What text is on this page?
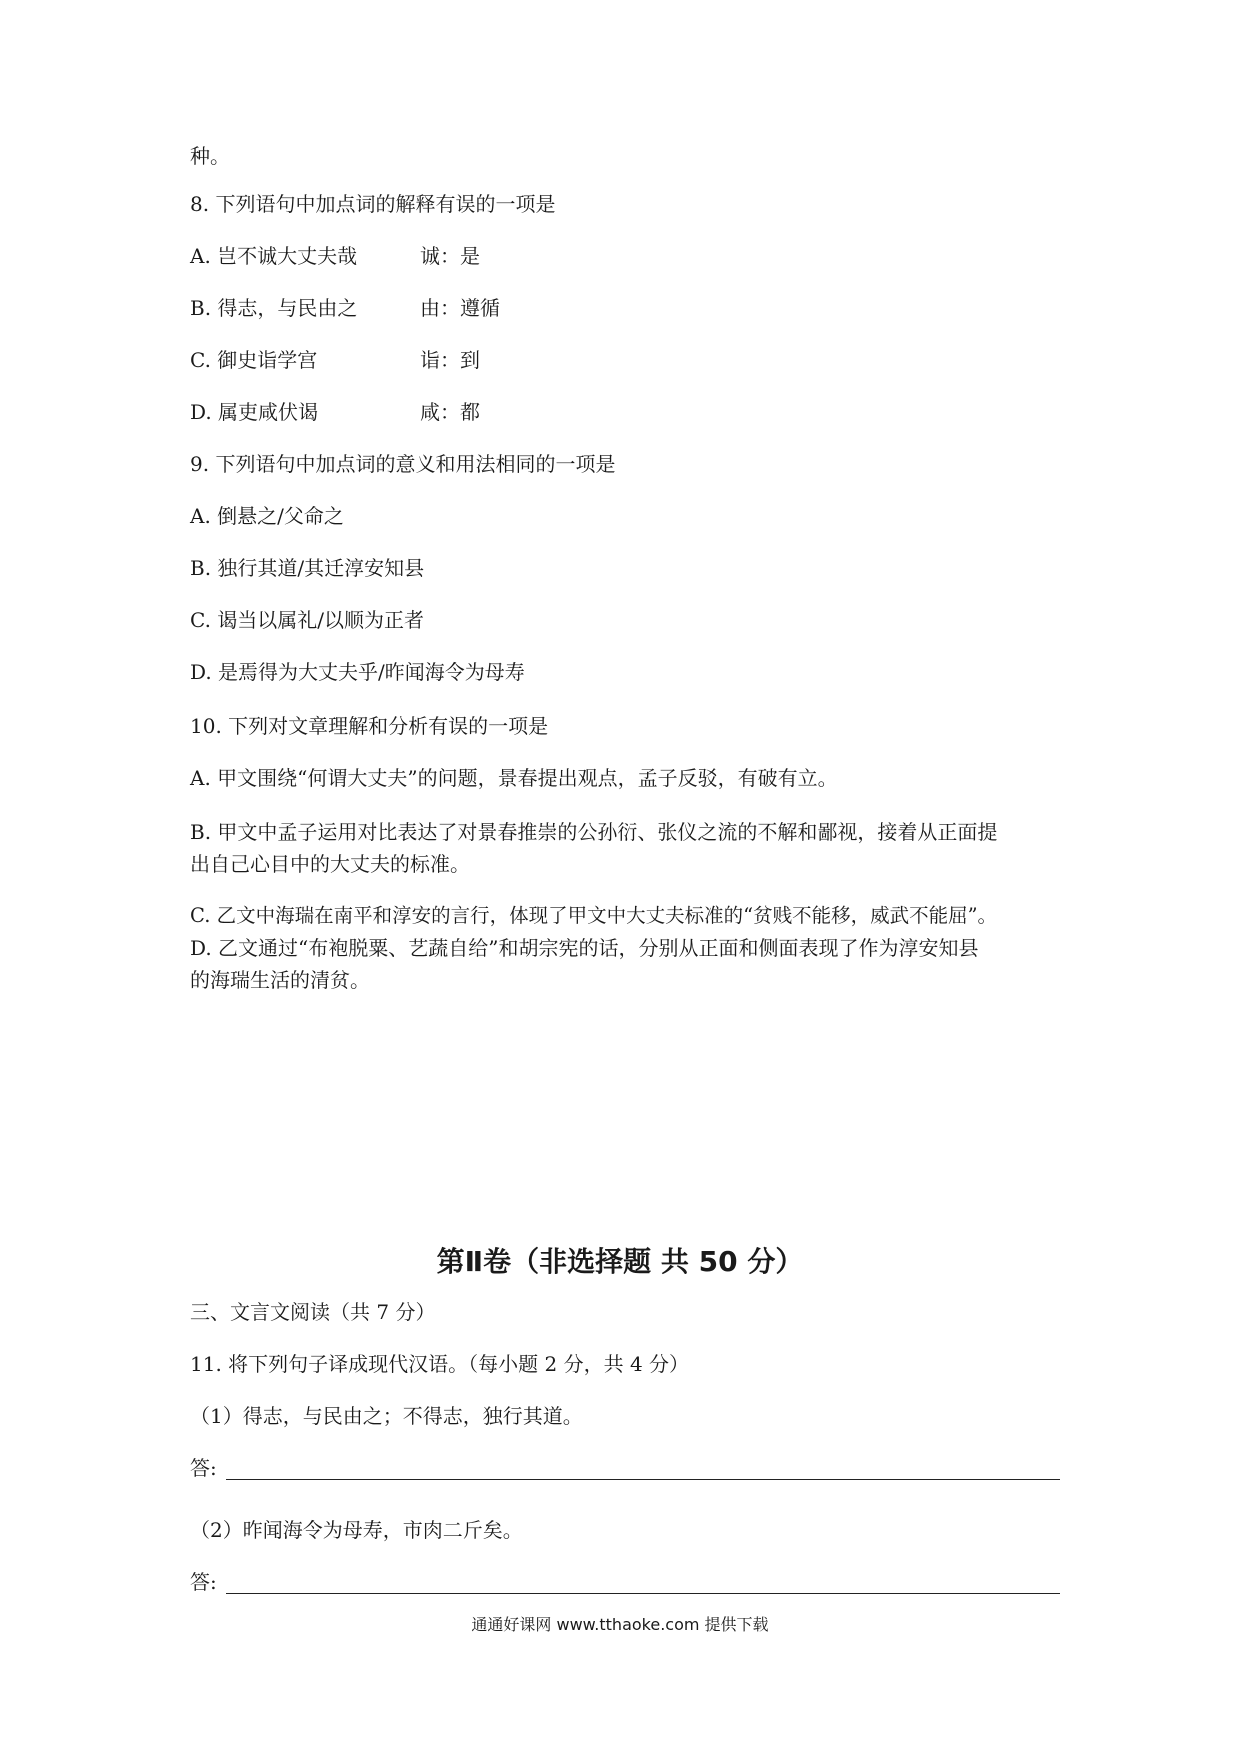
种。
8. 下列语句中加点词的解释有误的一项是
A. 岂不诚大丈夫哉	诚：是
B. 得志，与民由之	由：遵循
C. 御史诣学宫	诣：到
D. 属吏咸伏谒	咸：都
9. 下列语句中加点词的意义和用法相同的一项是
A. 倒悬之/父命之
B. 独行其道/其迁淳安知县
C. 谒当以属礼/以顺为正者
D. 是焉得为大丈夫乎/昨闻海令为母寿
10. 下列对文章理解和分析有误的一项是
A. 甲文围绕“何谓大丈夫”的问题，景春提出观点，孟子反驳，有破有立。
B. 甲文中孟子运用对比表达了对景春推崇的公孙衍、张仪之流的不解和鄙视，接着从正面提
出自己心目中的大丈夫的标准。
C. 乙文中海瑞在南平和淳安的言行，体现了甲文中大丈夫标准的“贫贱不能移，威武不能屈”。
D. 乙文通过“布袍脱粟、艺蔬自给”和胡宗宪的话，分别从正面和侧面表现了作为淳安知县
的海瑞生活的清贫。
第Ⅱ卷（非选择题 共 50 分）
三、文言文阅读（共 7 分）
11. 将下列句子译成现代汉语。（每小题 2 分，共 4 分）
（1）得志，与民由之；不得志，独行其道。
答:
（2）昨闻海令为母寿，市肉二斤矣。
答:
通通好课网 www.tthaoke.com 提供下载
